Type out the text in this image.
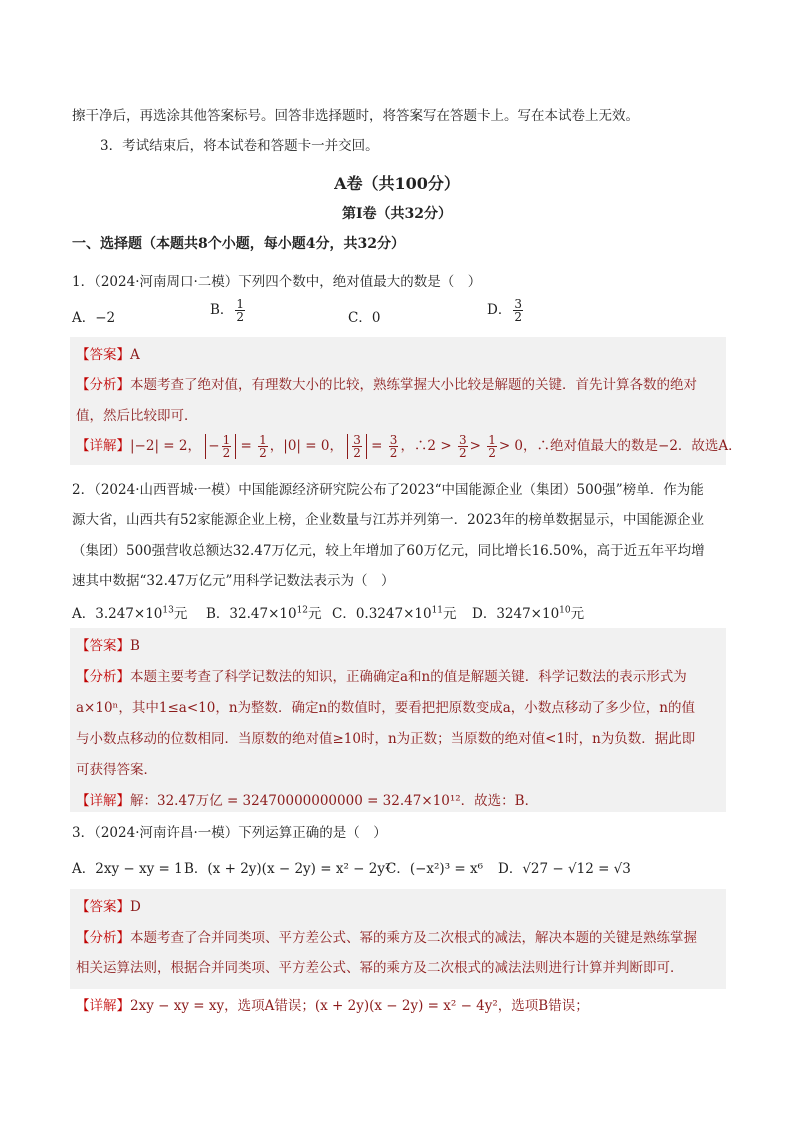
擦干净后，再选涂其他答案标号。回答非选择题时，将答案写在答题卡上。写在本试卷上无效。
3．考试结束后，将本试卷和答题卡一并交回。
A卷（共100分）
第Ⅰ卷（共32分）
一、选择题（本题共8个小题，每小题4分，共32分）
1．（2024·河南周口·二模）下列四个数中，绝对值最大的数是（　）
A．−2	B． $\frac{1}{2}$	C．0	D． $\frac{3}{2}$
【答案】A
【分析】本题考查了绝对值，有理数大小的比较，熟练掌握大小比较是解题的关键．首先计算各数的绝对
值，然后比较即可．
【详解】|−2| = 2， − $\frac{1}{2} = \frac{1}{2}$ ，|0| = 0， $\frac{3}{2} = \frac{3}{2}$ ，∴2 > $\frac{3}{2} > \frac{1}{2} > 0$，∴绝对值最大的数是−2．故选A．
2．（2024·山西晋城·一模）中国能源经济研究院公布了2023“中国能源企业（集团）500强”榜单．作为能
源大省，山西共有52家能源企业上榜，企业数量与江苏并列第一．2023年的榜单数据显示，中国能源企业
（集团）500强营收总额达32.47万亿元，较上年增加了60万亿元，同比增长16.50%，高于近五年平均增
速其中数据“32.47万亿元”用科学记数法表示为（　）
A．$3.247\times 10^{13}$元 B．$32.47\times 10^{12}$元 C．$0.3247\times 10^{11}$元 D．$3247\times 10^{10}$元
【答案】B
【分析】本题主要考查了科学记数法的知识，正确确定a和n的值是解题关键．科学记数法的表示形式为
a×10ⁿ，其中1≤a<10，n为整数．确定n的数值时，要看把把原数变成a，小数点移动了多少位，n的值
与小数点移动的位数相同．当原数的绝对值≥10时，n为正数；当原数的绝对值<1时，n为负数．据此即
可获得答案．
【详解】解：32.47万亿 = 32470000000000 = 32.47×10¹²．故选：B．
3．（2024·河南许昌·一模）下列运算正确的是（　）
A．2xy − xy = 1 B．(x + 2y)(x − 2y) = x² − 2y²
C．(−x²)³ = x⁶ D．√27 − √12 = √3
【答案】D
【分析】本题考查了合并同类项、平方差公式、幂的乘方及二次根式的减法，解决本题的关键是熟练掌握
相关运算法则，根据合并同类项、平方差公式、幂的乘方及二次根式的减法法则进行计算并判断即可．
【详解】2xy − xy = xy，选项A错误；(x + 2y)(x − 2y) = x² − 4y²，选项B错误；
